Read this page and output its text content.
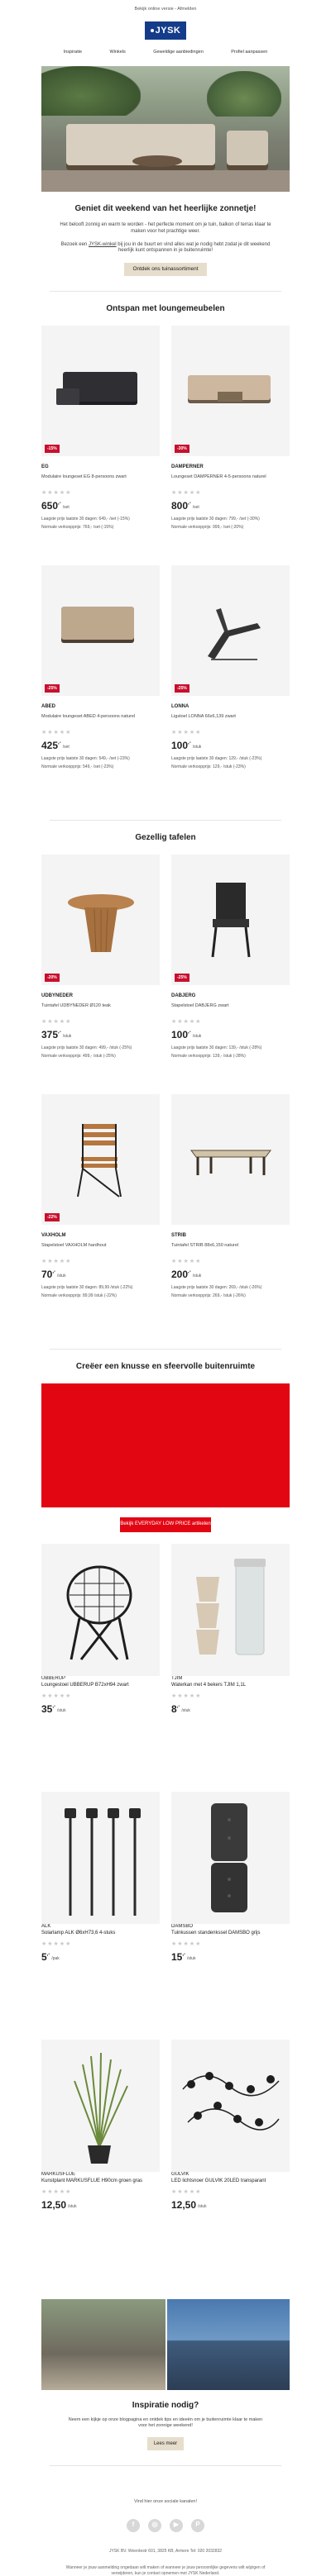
Bekijk online versie - Afmelden
JYSK
Inspiratie	Winkels	Geweldige aanbiedingen	Profiel aanpassen
Geniet dit weekend van het heerlijke zonnetje!

Het belooft zonnig en warm te worden - het perfecte moment om je tuin, balkon of terras klaar te maken voor het prachtige weer.

Bezoek een JYSK-winkel bij jou in de buurt en vind alles wat je nodig hebt zodat je dit weekend heerlijk kunt ontspannen in je buitenruimte!

Ontdek ons tuinassortiment
Ontspan met loungemeubelen
-15%
EG
Modulaire loungeset EG 8-persoons zwart
★★★★★
650 ,-
/set
Laagste prijs laatste 30 dagen: 649,- /set (-15%)
Normale verkoopprijs: 769,- /set (-15%)
-30%
DAMPERNER
Loungeset DAMPERNER 4-5-persoons naturel
★★★★★
800 ,-
/set
Laagste prijs laatste 30 dagen: 799,- /set (-30%)
Normale verkoopprijs: 999,- /set (-20%)
-25%
ABED
Modulaire loungeset ABED 4-persoons naturel
★★★★★
425 ,-
/set
Laagste prijs laatste 30 dagen: 549,- /set (-23%)
Normale verkoopprijs: 549,- /set (-23%)
-25%
LONNA
Ligstoel LONNA 66x6,139 zwart
★★★★★
100 ,-
/stuk
Laagste prijs laatste 30 dagen: 129,- /stuk (-23%)
Normale verkoopprijs: 129,- /stuk (-23%)
Gezellig tafelen
-20%
UDBYNEDER
Tuintafel UDBYNEDER Ø120 teak
★★★★★
375 ,-
/stuk
Laagste prijs laatste 30 dagen: 499,- /stuk (-25%)
Normale verkoopprijs: 499,- /stuk (-25%)
-25%
DABJERG
Stapelstoel DABJERG zwart
★★★★★
100 ,-
/stuk
Laagste prijs laatste 30 dagen: 139,- /stuk (-28%)
Normale verkoopprijs: 139,- /stuk (-28%)
-22%
VAXHOLM
Stapelstoel VAXHOLM hardhout
★★★★★
70 ,-
/stuk
Laagste prijs laatste 30 dagen: 89,99 /stuk (-22%)
Normale verkoopprijs: 89,99 /stuk (-22%)
STRIB
Tuintafel STRIB 88x6,150 naturel
★★★★★
200 ,-
/stuk
Laagste prijs laatste 30 dagen: 269,- /stuk (-26%)
Normale verkoopprijs: 269,- /stuk (-26%)
Creëer een knusse en sfeervolle buitenruimte
Bekijk EVERYDAY LOW PRICE artikelen
UBBERUP
Loungestoel UBBERUP B72xH94 zwart
★★★★★
35 ,-
/stuk
TJIM
Waterkan met 4 bekers TJIM 1,1L
★★★★★
8 ,-
/stuk
ALK
Solarlamp ALK Ø6xH73,6 4-stuks
★★★★★
5 ,-
/pak
DAMSBO
Tuinkussen standenkssel DAMSBO grijs
★★★★★
15 ,-
/stuk
MARKUSFLUE
Kunstplant MARKUSFLUE H90cm groen gras
★★★★★
12,50 /stuk
GULVIK
LED lichtsnoer GULVIK 20LED transparant
★★★★★
12,50 /stuk
Inspiratie nodig?

Neem een kijkje op onze blogpagina en ontdek tips en ideeën om je buitenruimte klaar te maken voor het zonnige weekend!

Lees meer
Vind hier onze sociale kanalen!
f	◎	▶	P
JYSK BV. Weerdestr 601, 3825 KB, Armere Tel: 020 2032832

Wanneer je jouw aanmelding ongedaan wilt maken of wanneer je jouw persoonlijke gegevens wilt wijzigen of verwijderen, kun je contact opnemen met JYSK Nederland.
